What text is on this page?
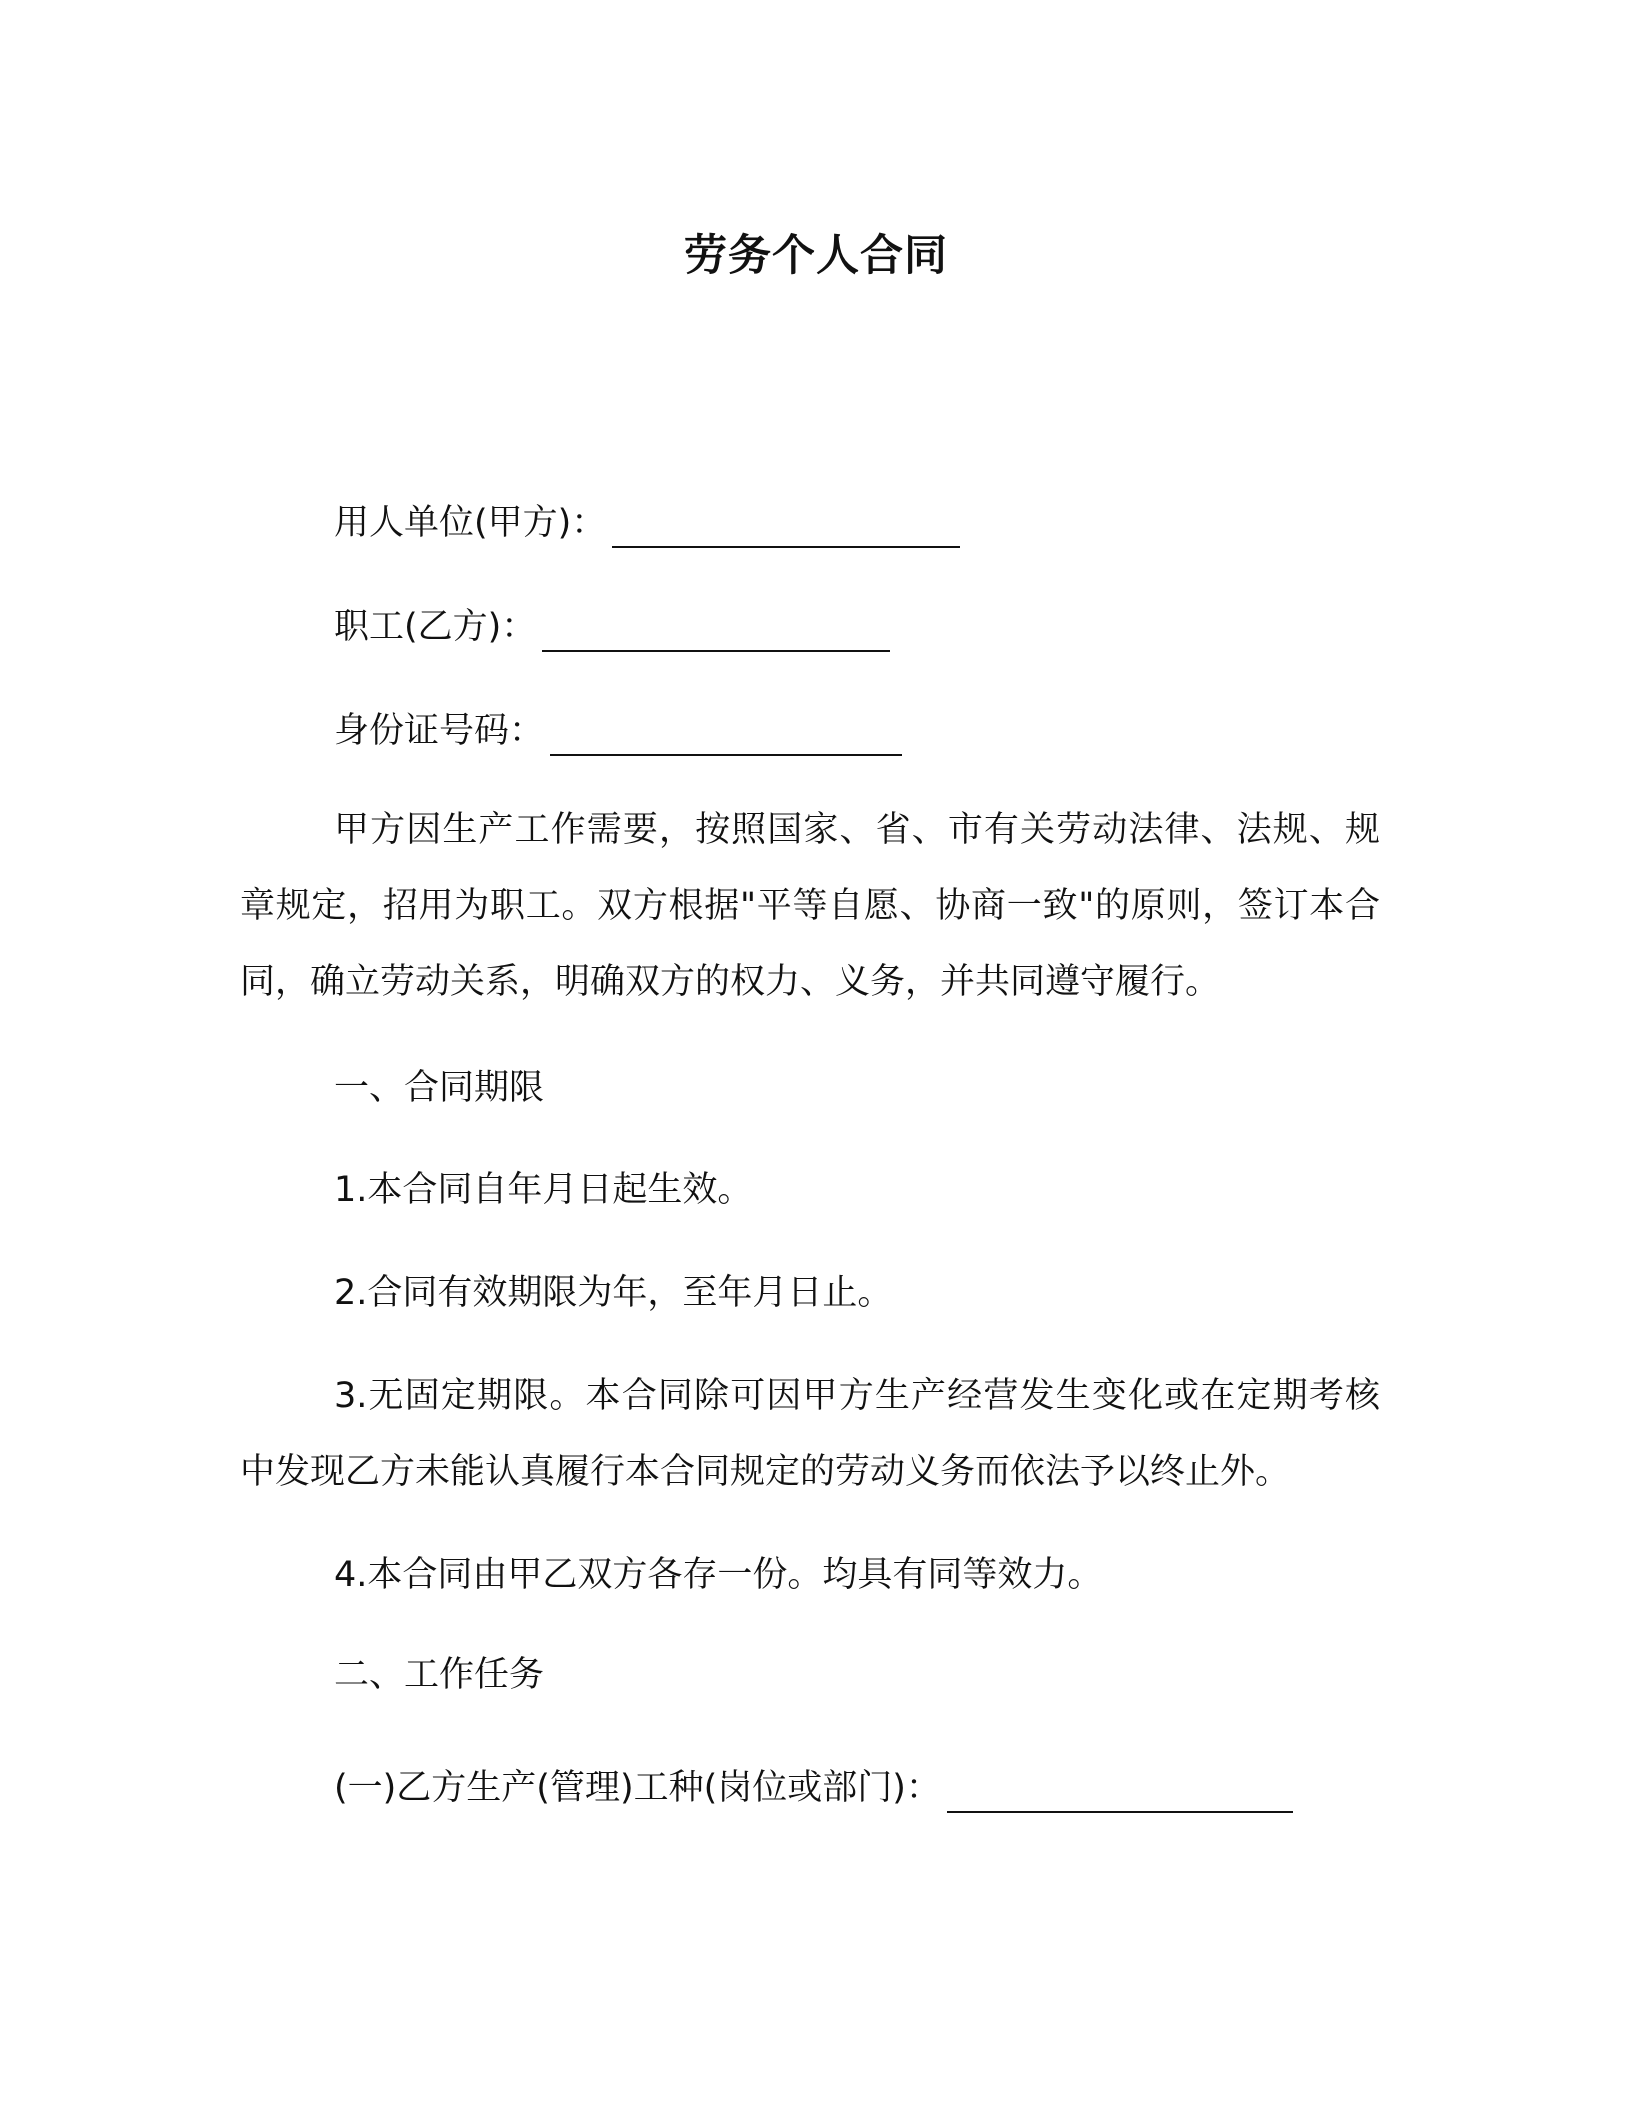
劳务个人合同
用人单位(甲方)：
职工(乙方)：
身份证号码：
甲方因生产工作需要，按照国家、省、市有关劳动法律、法规、规章规定，招用为职工。双方根据"平等自愿、协商一致"的原则，签订本合同，确立劳动关系，明确双方的权力、义务，并共同遵守履行。
一、合同期限
1.本合同自年月日起生效。
2.合同有效期限为年，至年月日止。
3.无固定期限。本合同除可因甲方生产经营发生变化或在定期考核中发现乙方未能认真履行本合同规定的劳动义务而依法予以终止外。
4.本合同由甲乙双方各存一份。均具有同等效力。
二、工作任务
(一)乙方生产(管理)工种(岗位或部门)：
